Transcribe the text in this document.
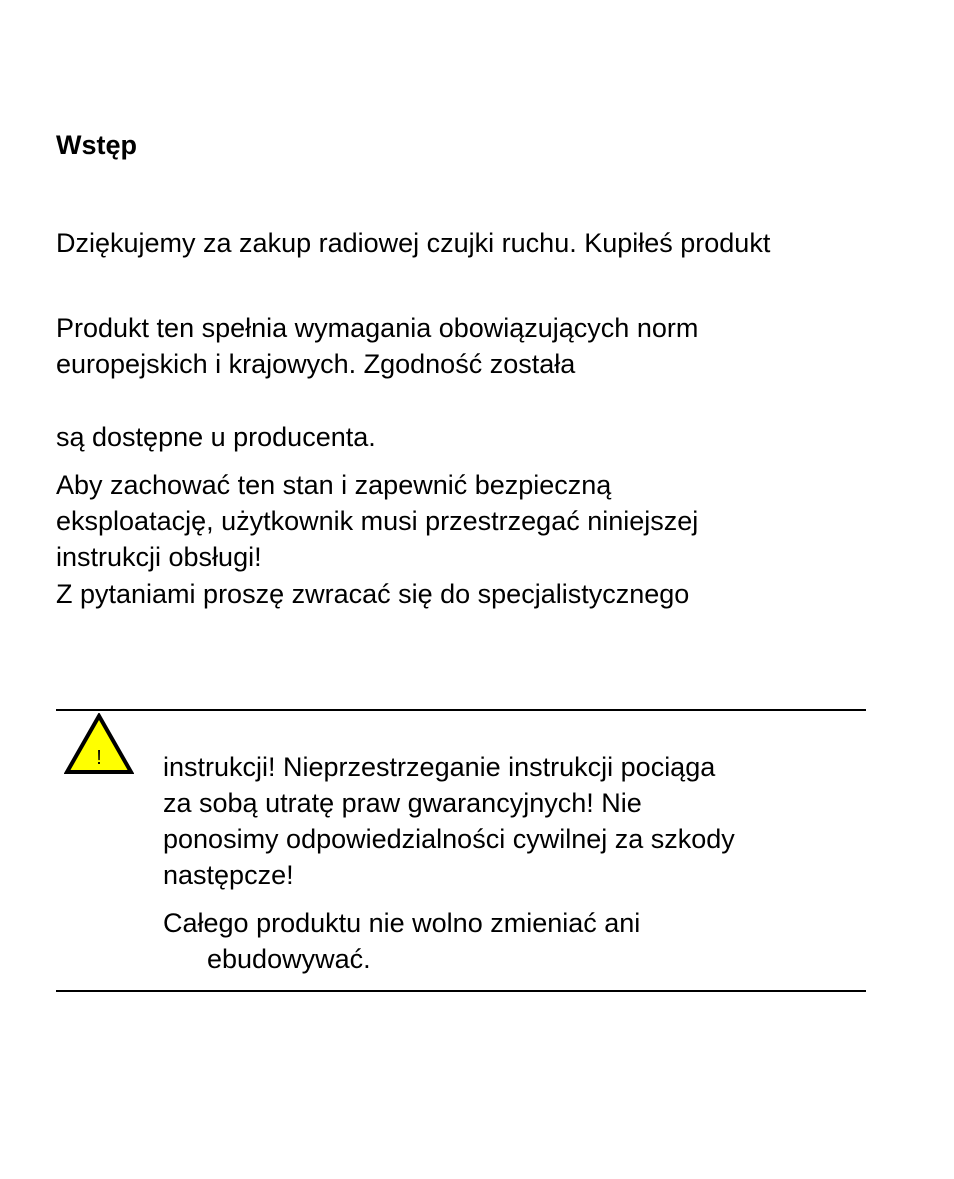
Wstęp

Dziękujemy za zakup radiowej czujki ruchu. Kupiłeś produkt

Produkt ten spełnia wymagania obowiązujących norm

europejskich i krajowych. Zgodność została

są dostępne u producenta.

Aby zachować ten stan i zapewnić bezpieczną

eksploatację, użytkownik musi przestrzegać niniejszej

instrukcji obsługi!

Z pytaniami proszę zwracać się do specjalistycznego

! instrukcji! Nieprzestrzeganie instrukcji pociąga

za sobą utratę praw gwarancyjnych! Nie

ponosimy odpowiedzialności cywilnej za szkody

następcze!

Całego produktu nie wolno zmieniać ani

ebudowywać.
